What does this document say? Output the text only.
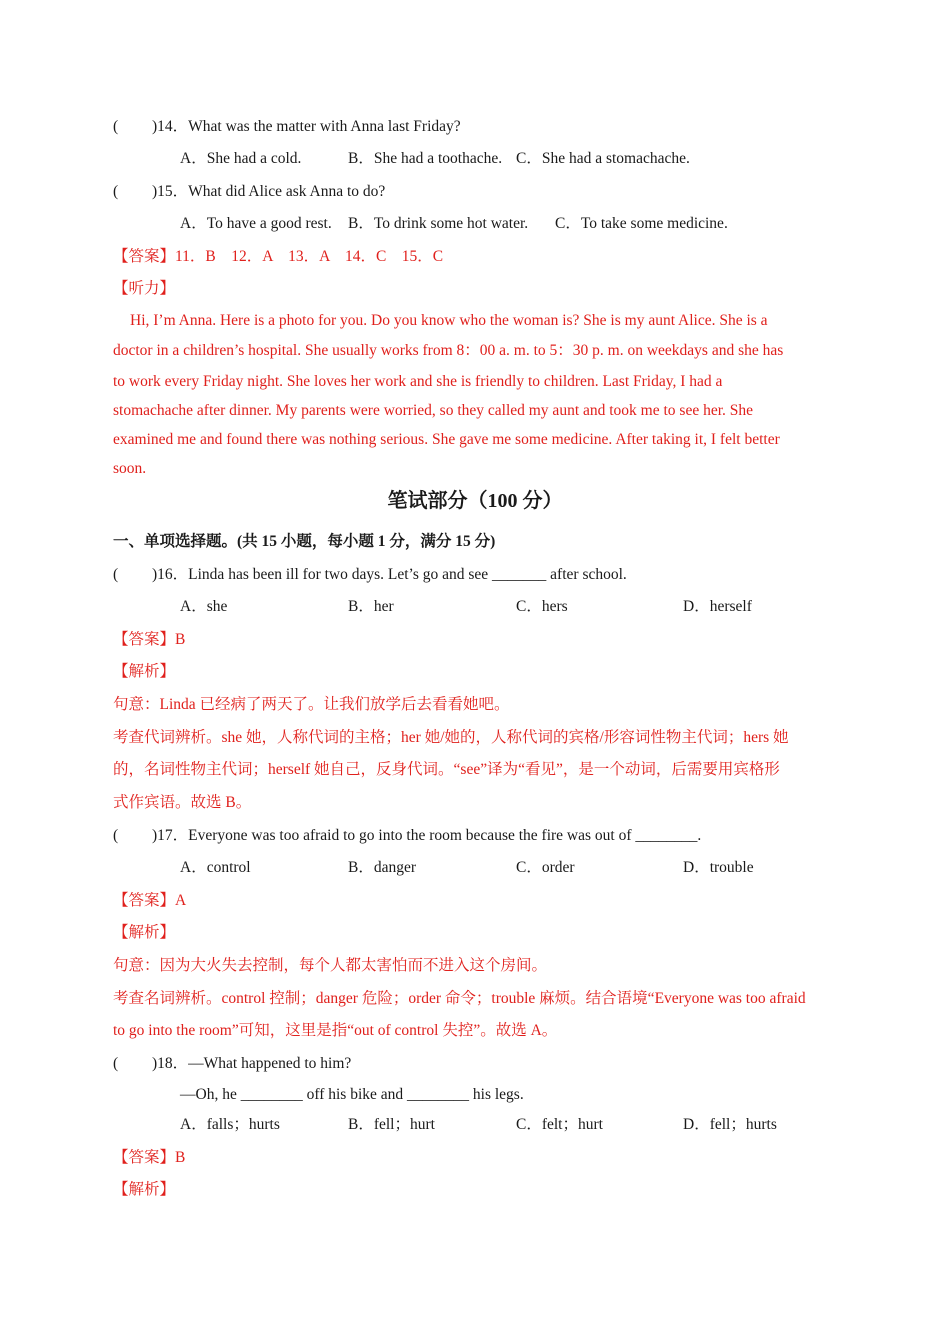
( )14．What was the matter with Anna last Friday?
A．She had a cold.	B．She had a toothache. C．She had a stomachache.
( )15．What did Alice ask Anna to do?
A．To have a good rest. B．To drink some hot water. C．To take some medicine.
【答案】11．B　12．A　13．A　14．C　15．C
【听力】
Hi, I’m Anna. Here is a photo for you. Do you know who the woman is? She is my aunt Alice. She is a
doctor in a children’s hospital. She usually works from 8：00 a. m. to 5：30 p. m. on weekdays and she has
to work every Friday night. She loves her work and she is friendly to children. Last Friday, I had a
stomachache after dinner. My parents were worried, so they called my aunt and took me to see her. She
examined me and found there was nothing serious. She gave me some medicine. After taking it, I felt better
soon.
笔试部分（100 分）
一、单项选择题。(共 15 小题，每小题 1 分，满分 15 分)
( )16．Linda has been ill for two days. Let’s go and see _______ after school.
A．she	B．her	C．hers	D．herself
【答案】B
【解析】
句意：Linda 已经病了两天了。让我们放学后去看看她吧。
考查代词辨析。she 她，人称代词的主格；her 她/她的，人称代词的宾格/形容词性物主代词；hers 她
的，名词性物主代词；herself 她自己，反身代词。“see”译为“看见”，是一个动词，后需要用宾格形
式作宾语。故选 B。
( )17．Everyone was too afraid to go into the room because the fire was out of ________.
A．control	B．danger	C．order	D．trouble
【答案】A
【解析】
句意：因为大火失去控制，每个人都太害怕而不进入这个房间。
考查名词辨析。control 控制；danger 危险；order 命令；trouble 麻烦。结合语境“Everyone was too afraid
to go into the room”可知，这里是指“out of control 失控”。故选 A。
( )18．—What happened to him?
—Oh, he ________ off his bike and ________ his legs.
A．falls；hurts	B．fell；hurt	C．felt；hurt	D．fell；hurts
【答案】B
【解析】
